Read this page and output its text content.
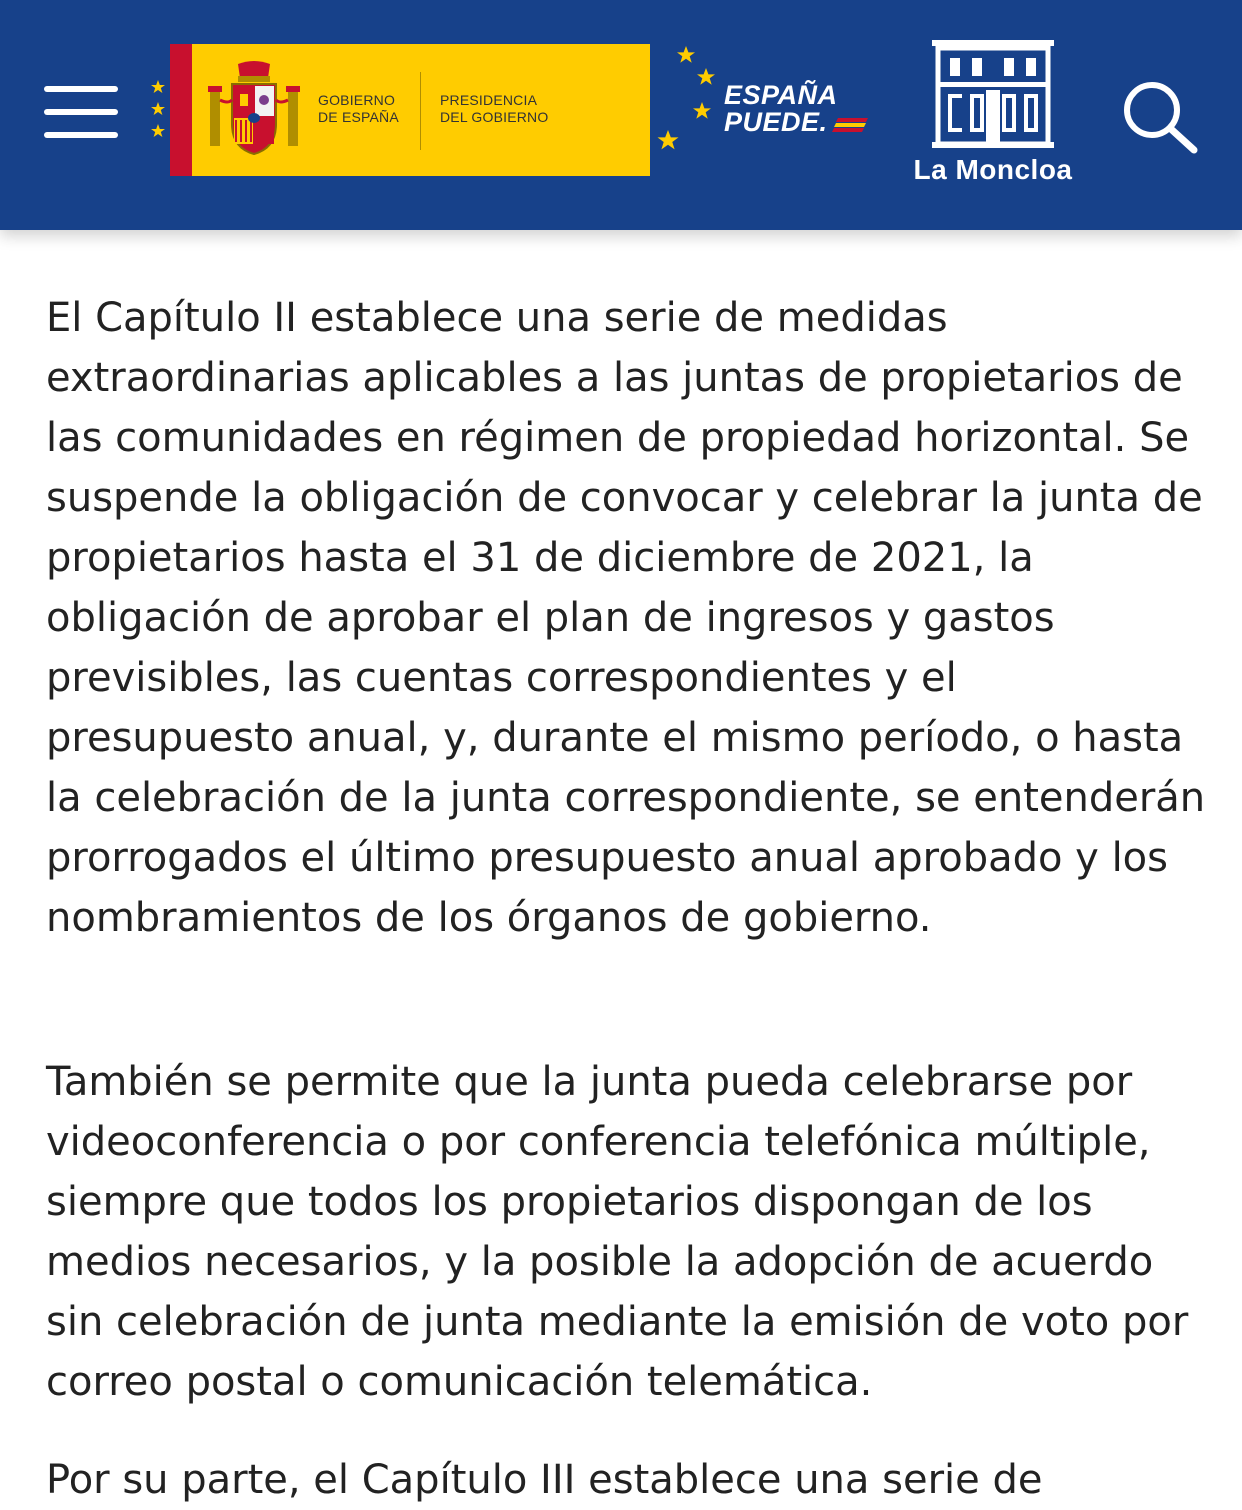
GOBIERNO
DE ESPAÑA
PRESIDENCIA
DEL GOBIERNO
ESPAÑA
PUEDE.
La Moncloa

El Capítulo II establece una serie de medidas extraordinarias aplicables a las juntas de propietarios de las comunidades en régimen de propiedad horizontal. Se suspende la obligación de convocar y celebrar la junta de propietarios hasta el 31 de diciembre de 2021, la obligación de aprobar el plan de ingresos y gastos previsibles, las cuentas correspondientes y el presupuesto anual, y, durante el mismo período, o hasta la celebración de la junta correspondiente, se entenderán prorrogados el último presupuesto anual aprobado y los nombramientos de los órganos de gobierno.

También se permite que la junta pueda celebrarse por videoconferencia o por conferencia telefónica múltiple, siempre que todos los propietarios dispongan de los medios necesarios, y la posible la adopción de acuerdo sin celebración de junta mediante la emisión de voto por correo postal o comunicación telemática.

Por su parte, el Capítulo III establece una serie de
